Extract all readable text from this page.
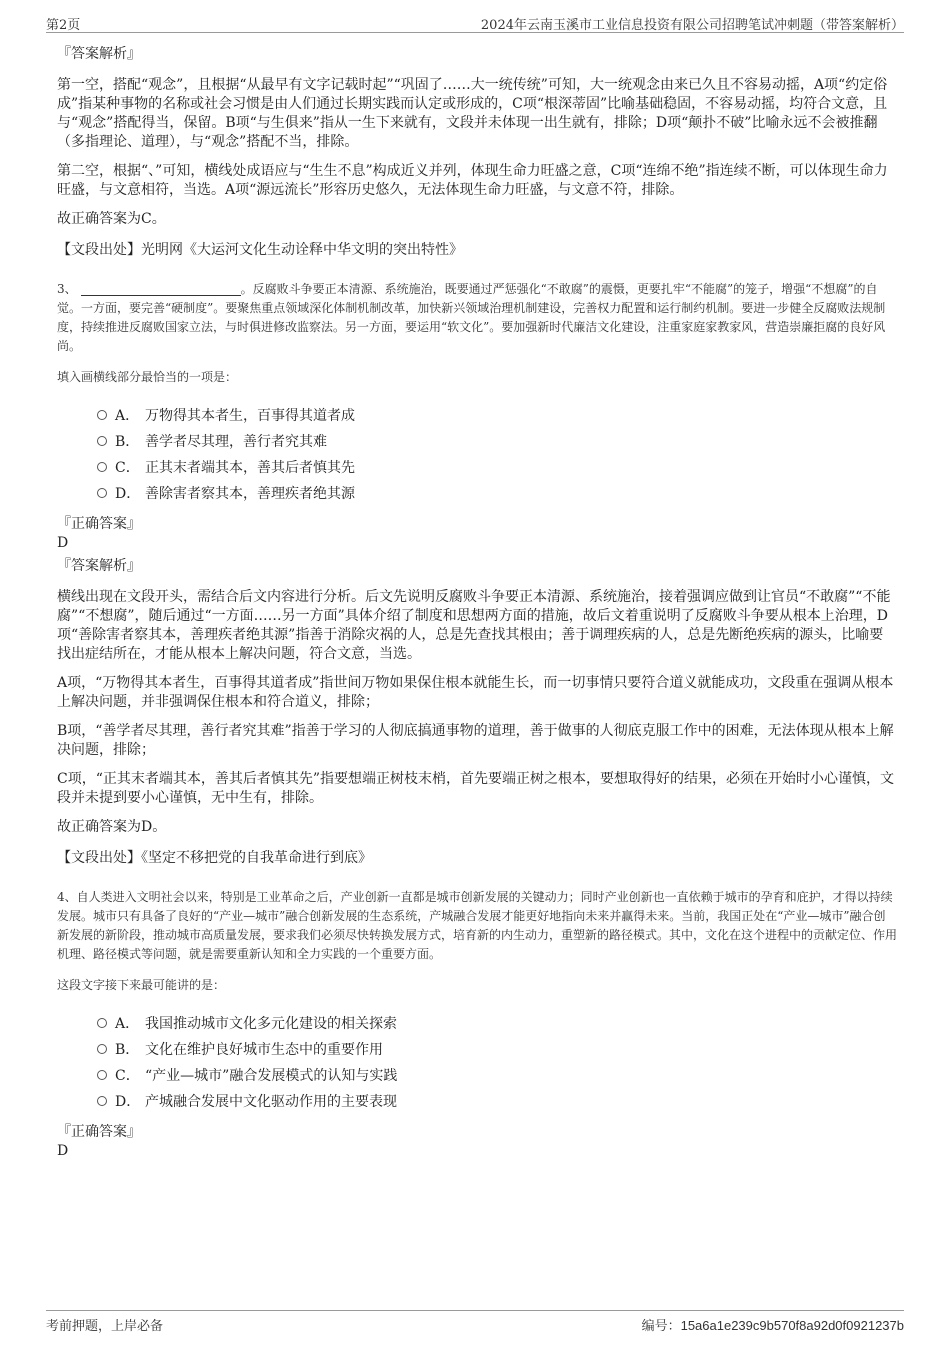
第2页	2024年云南玉溪市工业信息投资有限公司招聘笔试冲刺题（带答案解析）
『答案解析』

第一空，搭配“观念”，且根据“从最早有文字记载时起”“巩固了……大一统传统”可知，大一统观念由来已久且不容易动摇，A项“约定俗成”指某种事物的名称或社会习惯是由人们通过长期实践而认定或形成的，C项“根深蒂固”比喻基础稳固，不容易动摇，均符合文意，且与“观念”搭配得当，保留。B项“与生俱来”指从一生下来就有，文段并未体现一出生就有，排除；D项“颠扑不破”比喻永远不会被推翻（多指理论、道理），与“观念”搭配不当，排除。

第二空，根据“、”可知，横线处成语应与“生生不息”构成近义并列，体现生命力旺盛之意，C项“连绵不绝”指连续不断，可以体现生命力旺盛，与文意相符，当选。A项“源远流长”形容历史悠久，无法体现生命力旺盛，与文意不符，排除。

故正确答案为C。

【文段出处】光明网《大运河文化生动诠释中华文明的突出特性》

3、	。反腐败斗争要正本清源、系统施治，既要通过严惩强化“不敢腐”的震慑，更要扎牢“不能腐”的笼子，增强“不想腐”的自觉。一方面，要完善“硬制度”。要聚焦重点领域深化体制机制改革，加快新兴领域治理机制建设，完善权力配置和运行制约机制。要进一步健全反腐败法规制度，持续推进反腐败国家立法，与时俱进修改监察法。另一方面，要运用“软文化”。要加强新时代廉洁文化建设，注重家庭家教家风，营造崇廉拒腐的良好风尚。

填入画横线部分最恰当的一项是：

A． 万物得其本者生，百事得其道者成
B． 善学者尽其理，善行者究其难
C． 正其末者端其本，善其后者慎其先
D． 善除害者察其本，善理疾者绝其源
『正确答案』
D
『答案解析』

横线出现在文段开头，需结合后文内容进行分析。后文先说明反腐败斗争要正本清源、系统施治，接着强调应做到让官员“不敢腐”“不能腐”“不想腐”，随后通过“一方面……另一方面”具体介绍了制度和思想两方面的措施，故后文着重说明了反腐败斗争要从根本上治理，D项“善除害者察其本，善理疾者绝其源”指善于消除灾祸的人，总是先查找其根由；善于调理疾病的人，总是先断绝疾病的源头，比喻要找出症结所在，才能从根本上解决问题，符合文意，当选。

A项，“万物得其本者生，百事得其道者成”指世间万物如果保住根本就能生长，而一切事情只要符合道义就能成功，文段重在强调从根本上解决问题，并非强调保住根本和符合道义，排除；

B项，“善学者尽其理，善行者究其难”指善于学习的人彻底搞通事物的道理，善于做事的人彻底克服工作中的困难，无法体现从根本上解决问题，排除；

C项，“正其末者端其本，善其后者慎其先”指要想端正树枝末梢，首先要端正树之根本，要想取得好的结果，必须在开始时小心谨慎，文段并未提到要小心谨慎，无中生有，排除。

故正确答案为D。

【文段出处】《坚定不移把党的自我革命进行到底》

4、自人类进入文明社会以来，特别是工业革命之后，产业创新一直都是城市创新发展的关键动力；同时产业创新也一直依赖于城市的孕育和庇护，才得以持续发展。城市只有具备了良好的“产业—城市”融合创新发展的生态系统，产城融合发展才能更好地指向未来并赢得未来。当前，我国正处在“产业—城市”融合创新发展的新阶段，推动城市高质量发展，要求我们必须尽快转换发展方式，培育新的内生动力，重塑新的路径模式。其中，文化在这个进程中的贡献定位、作用机理、路径模式等问题，就是需要重新认知和全力实践的一个重要方面。

这段文字接下来最可能讲的是：

A． 我国推动城市文化多元化建设的相关探索
B． 文化在维护良好城市生态中的重要作用
C． “产业—城市”融合发展模式的认知与实践
D． 产城融合发展中文化驱动作用的主要表现
『正确答案』
D
考前押题，上岸必备	编号：15a6a1e239c9b570f8a92d0f0921237b
